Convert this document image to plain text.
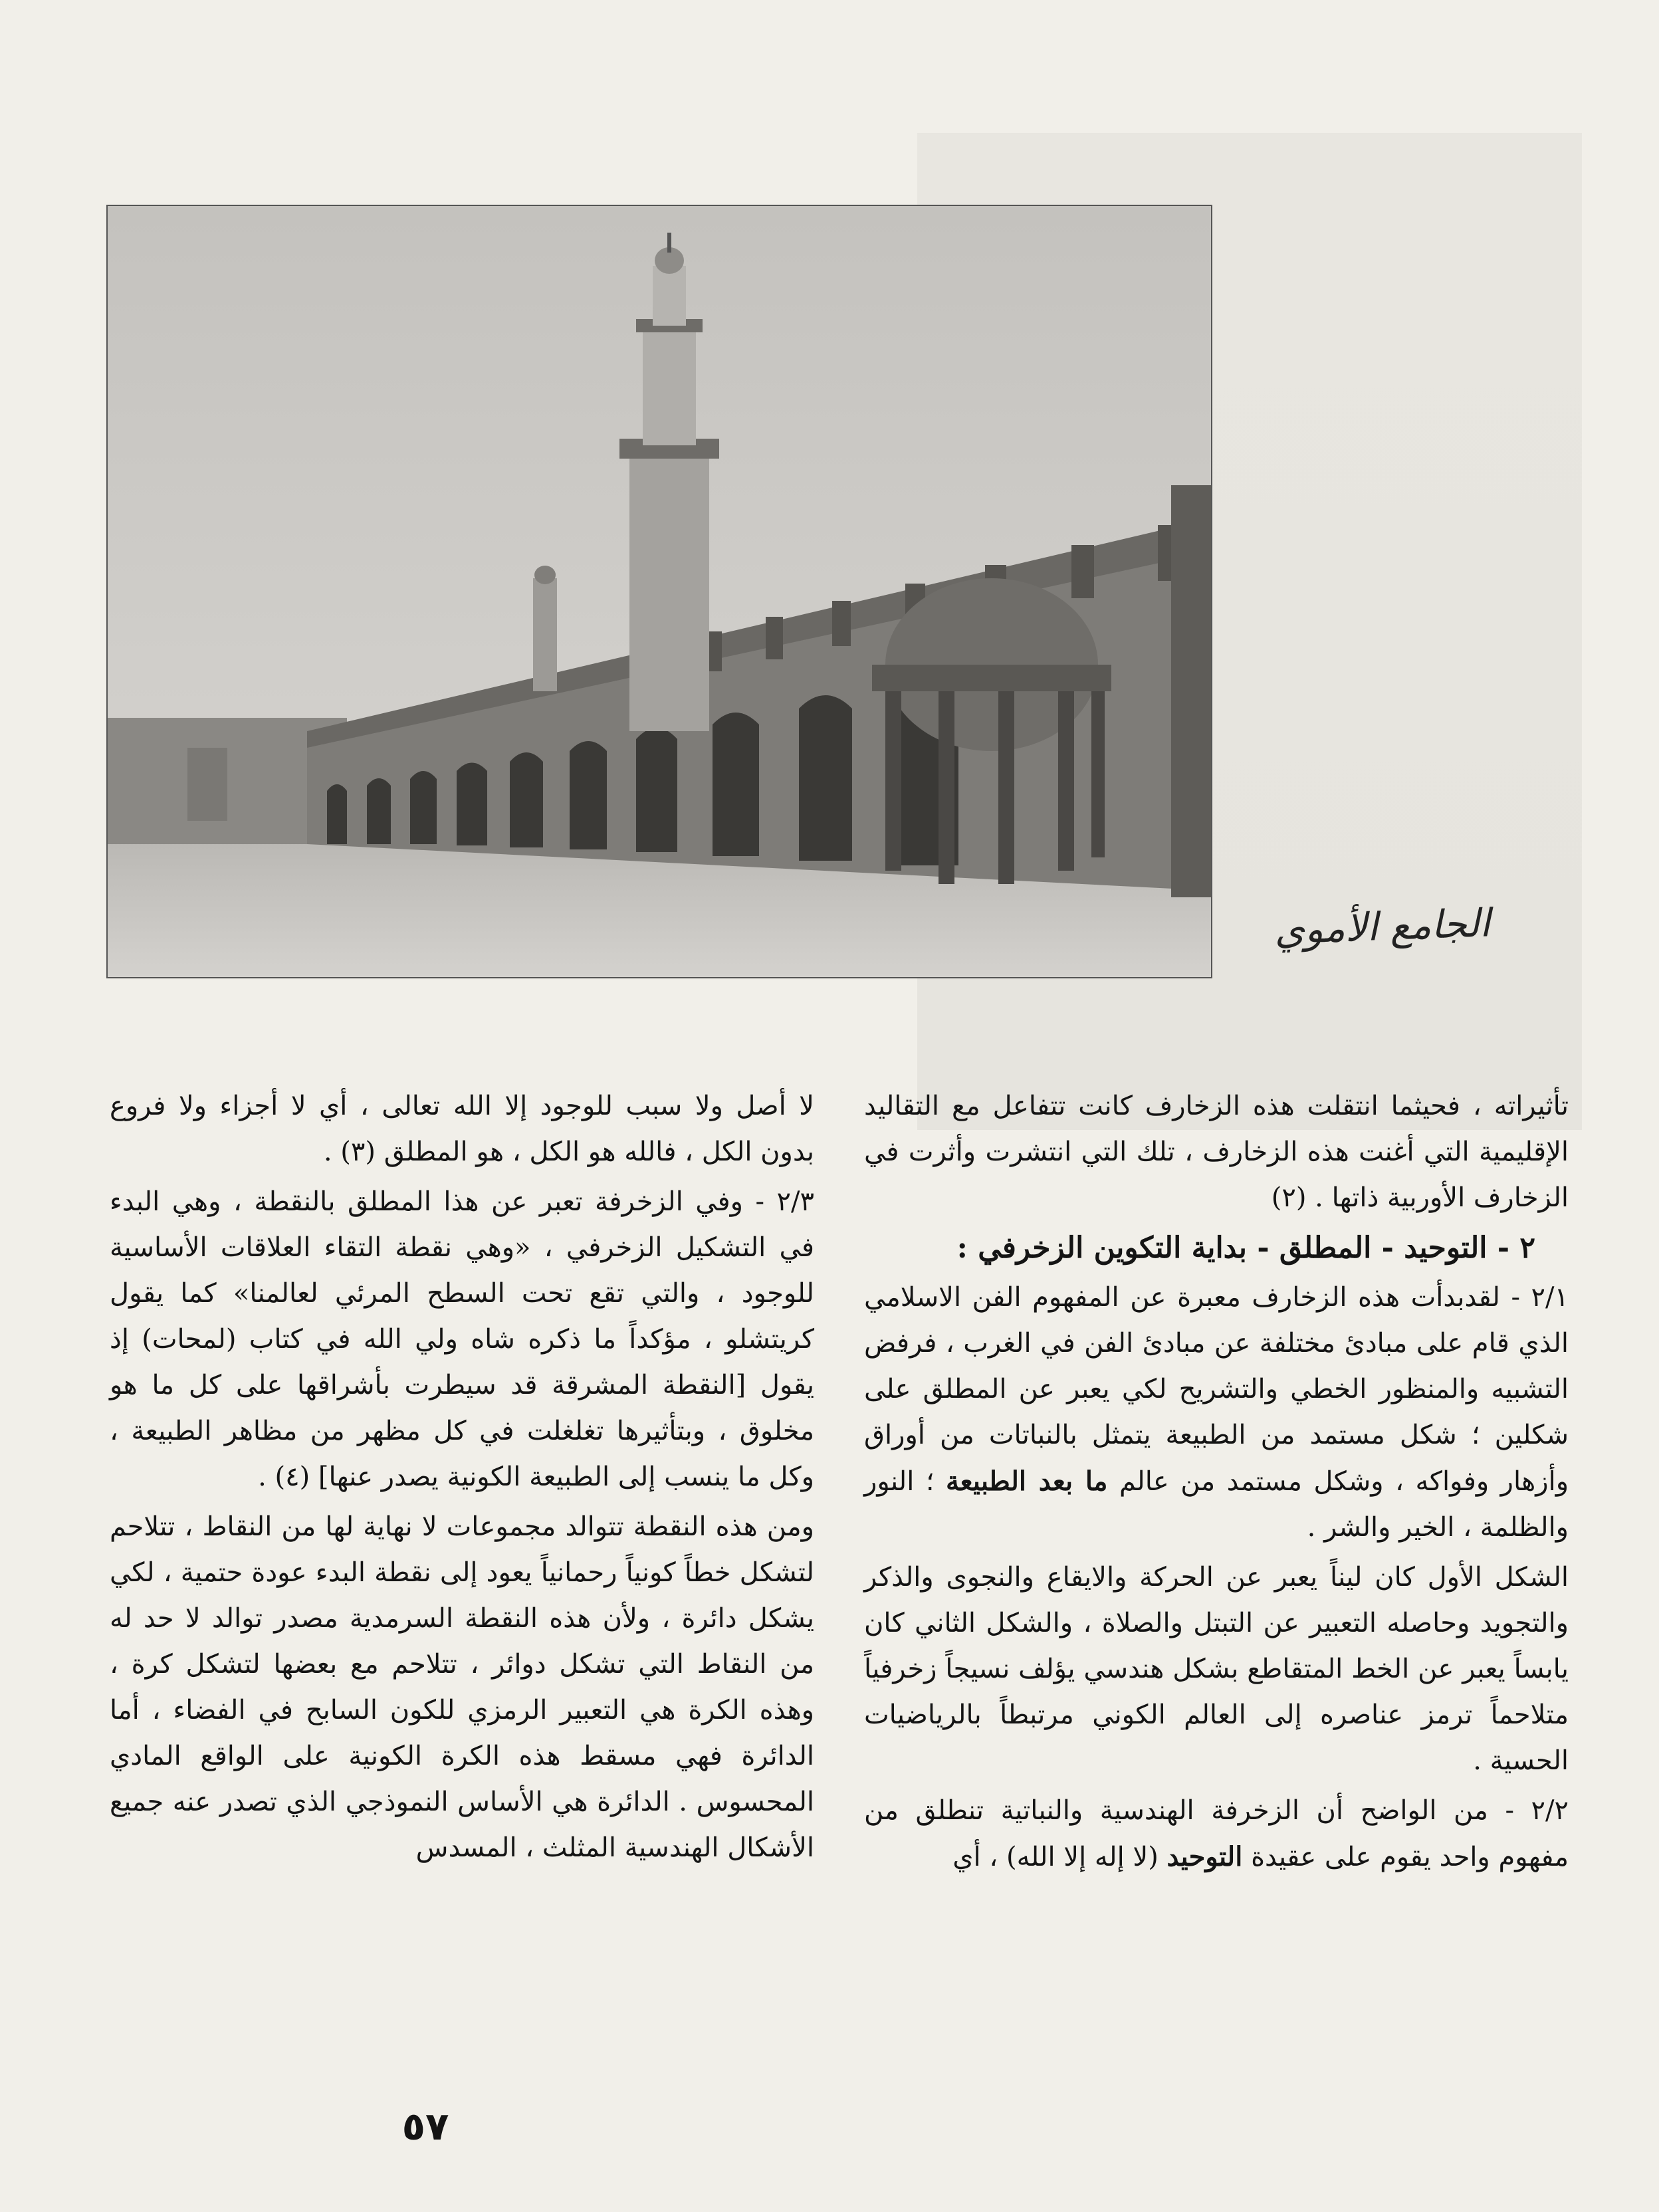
الجامع الأموي

تأثيراته ، فحيثما انتقلت هذه الزخارف كانت تتفاعل مع التقاليد الإقليمية التي أغنت هذه الزخارف ، تلك التي انتشرت وأثرت في الزخارف الأوربية ذاتها . (٢)

٢ - التوحيد - المطلق - بداية التكوين الزخرفي :

٢/١ - لقدبدأت هذه الزخارف معبرة عن المفهوم الفن الاسلامي الذي قام على مبادئ مختلفة عن مبادئ الفن في الغرب ، فرفض التشبيه والمنظور الخطي والتشريح لكي يعبر عن المطلق على شكلين ؛ شكل مستمد من الطبيعة يتمثل بالنباتات من أوراق وأزهار وفواكه ، وشكل مستمد من عالم ما بعد الطبيعة ؛ النور والظلمة ، الخير والشر .

الشكل الأول كان ليناً يعبر عن الحركة والايقاع والنجوى والذكر والتجويد وحاصله التعبير عن التبتل والصلاة ، والشكل الثاني كان يابساً يعبر عن الخط المتقاطع بشكل هندسي يؤلف نسيجاً زخرفياً متلاحماً ترمز عناصره إلى العالم الكوني مرتبطاً بالرياضيات الحسية .

٢/٢ - من الواضح أن الزخرفة الهندسية والنباتية تنطلق من مفهوم واحد يقوم على عقيدة التوحيد (لا إله إلا الله) ، أي

لا أصل ولا سبب للوجود إلا الله تعالى ، أي لا أجزاء ولا فروع بدون الكل ، فالله هو الكل ، هو المطلق (٣) .

٢/٣ - وفي الزخرفة تعبر عن هذا المطلق بالنقطة ، وهي البدء في التشكيل الزخرفي ، «وهي نقطة التقاء العلاقات الأساسية للوجود ، والتي تقع تحت السطح المرئي لعالمنا» كما يقول كريتشلو ، مؤكداً ما ذكره شاه ولي الله في كتاب (لمحات) إذ يقول [النقطة المشرقة قد سيطرت بأشراقها على كل ما هو مخلوق ، وبتأثيرها تغلغلت في كل مظهر من مظاهر الطبيعة ، وكل ما ينسب إلى الطبيعة الكونية يصدر عنها] (٤) .

ومن هذه النقطة تتوالد مجموعات لا نهاية لها من النقاط ، تتلاحم لتشكل خطاً كونياً رحمانياً يعود إلى نقطة البدء عودة حتمية ، لكي يشكل دائرة ، ولأن هذه النقطة السرمدية مصدر توالد لا حد له من النقاط التي تشكل دوائر ، تتلاحم مع بعضها لتشكل كرة ، وهذه الكرة هي التعبير الرمزي للكون السابح في الفضاء ، أما الدائرة فهي مسقط هذه الكرة الكونية على الواقع المادي المحسوس . الدائرة هي الأساس النموذجي الذي تصدر عنه جميع الأشكال الهندسية المثلث ، المسدس

٥٧
